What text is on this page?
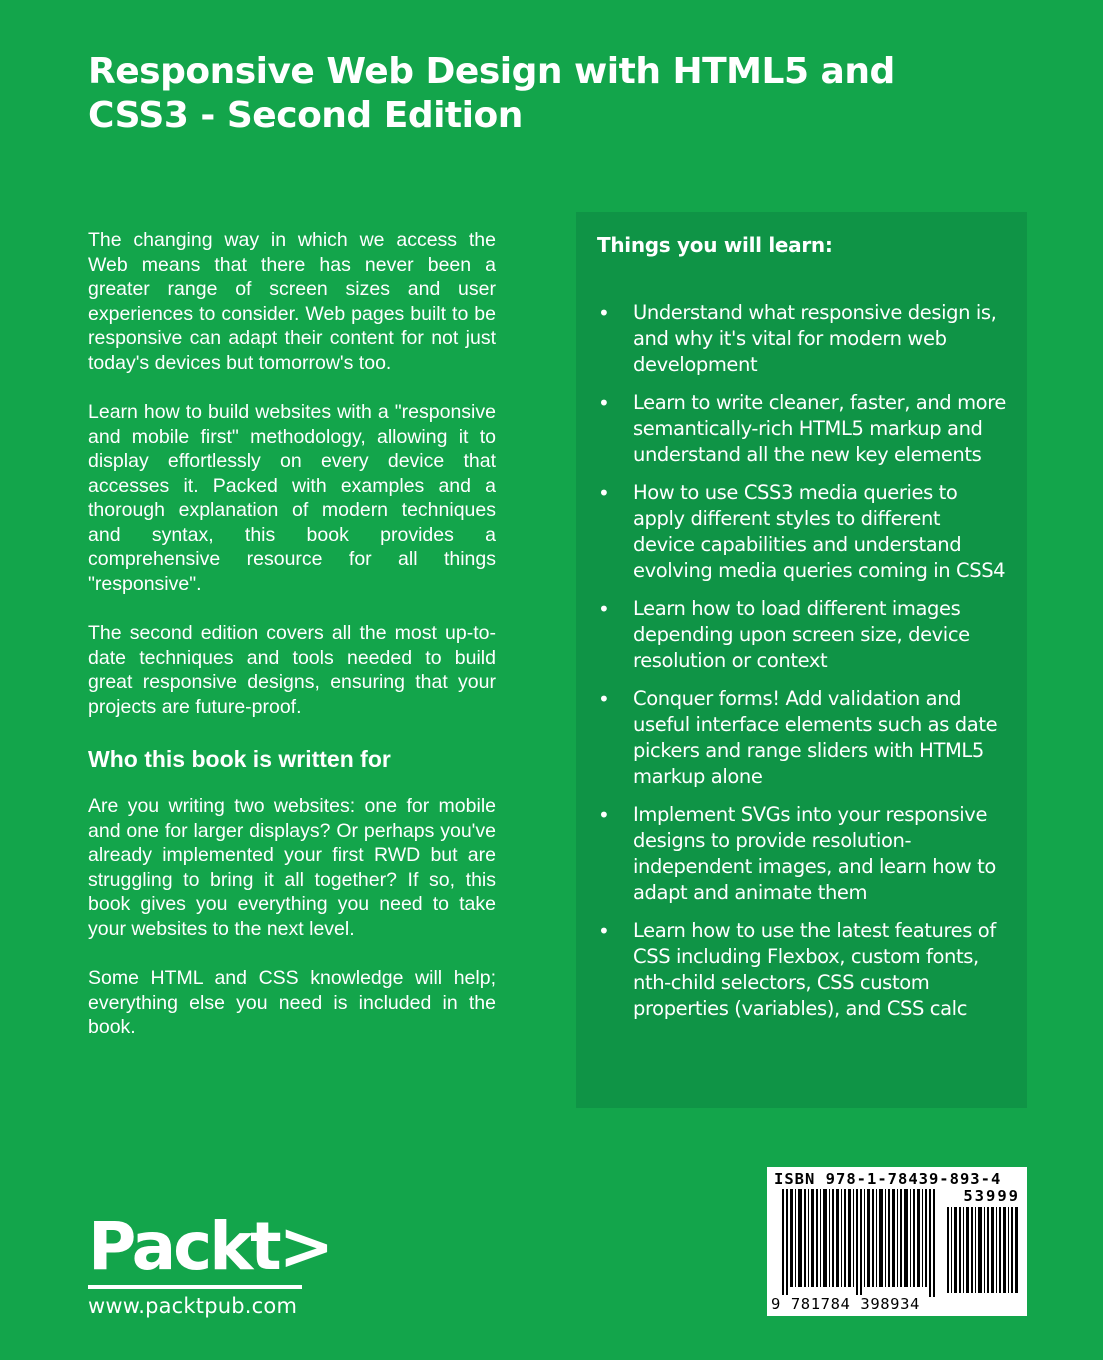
Responsive Web Design with HTML5 and CSS3 - Second Edition

The changing way in which we access the Web means that there has never been a greater range of screen sizes and user experiences to consider. Web pages built to be responsive can adapt their content for not just today's devices but tomorrow's too.

Learn how to build websites with a "responsive and mobile first" methodology, allowing it to display effortlessly on every device that accesses it. Packed with examples and a thorough explanation of modern techniques and syntax, this book provides a comprehensive resource for all things "responsive".

The second edition covers all the most up-to-date techniques and tools needed to build great responsive designs, ensuring that your projects are future-proof.

Who this book is written for

Are you writing two websites: one for mobile and one for larger displays? Or perhaps you've already implemented your first RWD but are struggling to bring it all together? If so, this book gives you everything you need to take your websites to the next level.

Some HTML and CSS knowledge will help; everything else you need is included in the book.

Things you will learn:
• Understand what responsive design is, and why it's vital for modern web development
• Learn to write cleaner, faster, and more semantically-rich HTML5 markup and understand all the new key elements
• How to use CSS3 media queries to apply different styles to different device capabilities and understand evolving media queries coming in CSS4
• Learn how to load different images depending upon screen size, device resolution or context
• Conquer forms! Add validation and useful interface elements such as date pickers and range sliders with HTML5 markup alone
• Implement SVGs into your responsive designs to provide resolution-independent images, and learn how to adapt and animate them
• Learn how to use the latest features of CSS including Flexbox, custom fonts, nth-child selectors, CSS custom properties (variables), and CSS calc
Packt>
www.packtpub.com
ISBN 978-1-78439-893-4
53999
9 781784 398934
